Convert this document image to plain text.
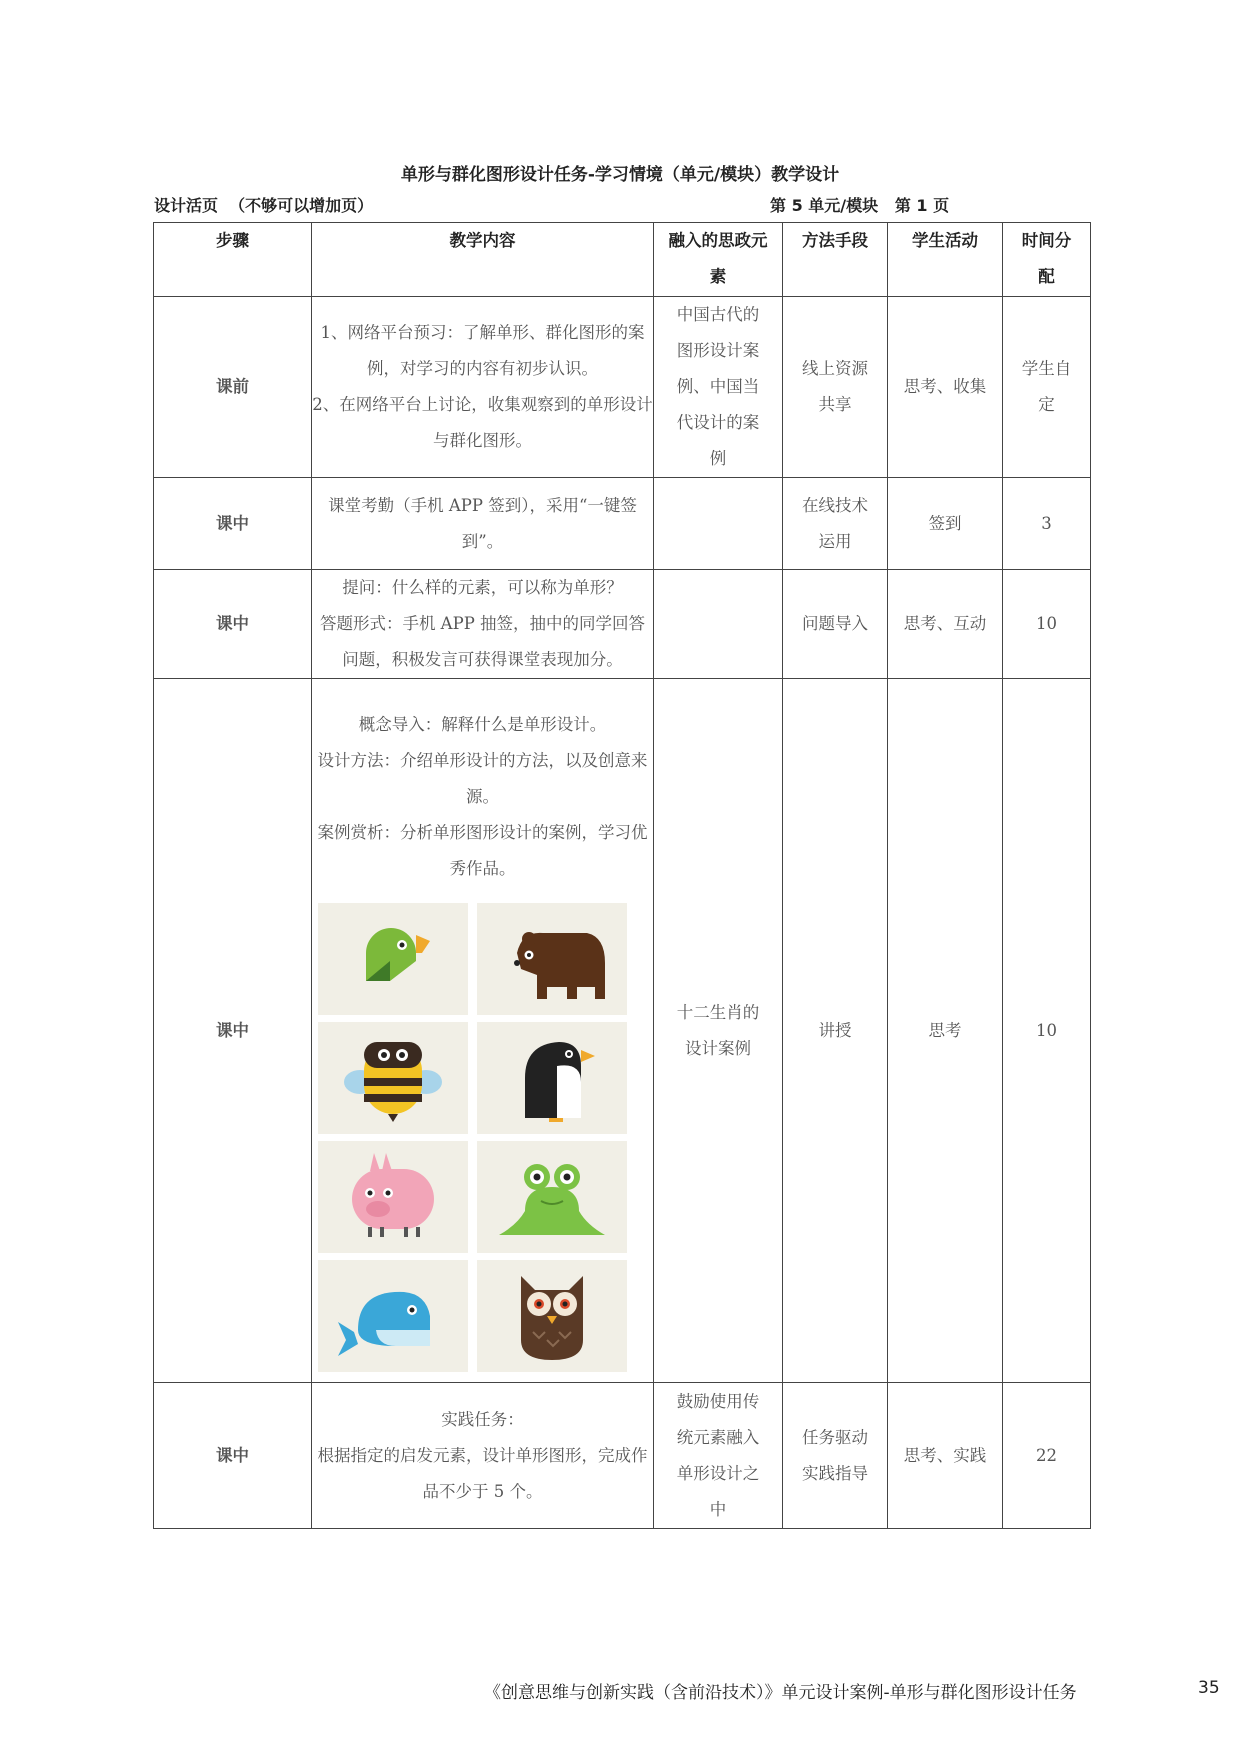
单形与群化图形设计任务-学习情境（单元/模块）教学设计
设计活页  （不够可以增加页）	第 5 单元/模块   第 1 页
步骤	教学内容	融入的思政元素	方法手段	学生活动	时间分配
课前	1、网络平台预习：了解单形、群化图形的案例，对学习的内容有初步认识。

2、在网络平台上讨论，收集观察到的单形设计与群化图形。	中国古代的图形设计案例、中国当代设计的案例	线上资源共享	思考、收集	学生自定
课中	课堂考勤（手机 APP 签到），采用“一键签到”。		在线技术运用	签到	3
课中	提问：什么样的元素，可以称为单形？

答题形式：手机 APP 抽签，抽中的同学回答问题，积极发言可获得课堂表现加分。		问题导入	思考、互动	10
课中	概念导入：解释什么是单形设计。

设计方法：介绍单形设计的方法，以及创意来源。

案例赏析：分析单形图形设计的案例，学习优秀作品。	十二生肖的设计案例	讲授	思考	10
课中	实践任务：

根据指定的启发元素，设计单形图形，完成作品不少于 5 个。	鼓励使用传统元素融入单形设计之中	任务驱动实践指导	思考、实践	22
《创意思维与创新实践（含前沿技术）》单元设计案例-单形与群化图形设计任务	35
